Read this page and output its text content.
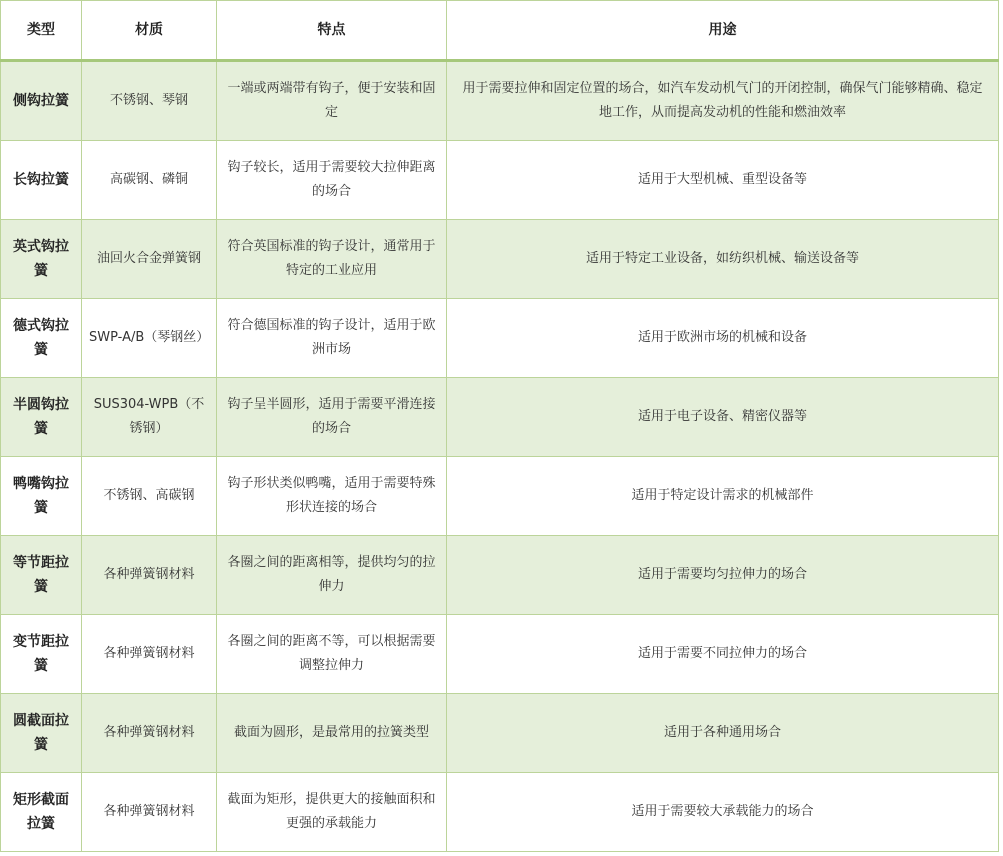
类型	材质	特点	用途
侧钩拉簧	不锈钢、琴钢	一端或两端带有钩子，便于安装和固定	用于需要拉伸和固定位置的场合，如汽车发动机气门的开闭控制，确保气门能够精确、稳定地工作，从而提高发动机的性能和燃油效率
长钩拉簧	高碳钢、磷铜	钩子较长，适用于需要较大拉伸距离的场合	适用于大型机械、重型设备等
英式钩拉簧	油回火合金弹簧钢	符合英国标准的钩子设计，通常用于特定的工业应用	适用于特定工业设备，如纺织机械、输送设备等
德式钩拉簧	SWP-A/B（琴钢丝）	符合德国标准的钩子设计，适用于欧洲市场	适用于欧洲市场的机械和设备
半圆钩拉簧	SUS304-WPB（不锈钢）	钩子呈半圆形，适用于需要平滑连接的场合	适用于电子设备、精密仪器等
鸭嘴钩拉簧	不锈钢、高碳钢	钩子形状类似鸭嘴，适用于需要特殊形状连接的场合	适用于特定设计需求的机械部件
等节距拉簧	各种弹簧钢材料	各圈之间的距离相等，提供均匀的拉伸力	适用于需要均匀拉伸力的场合
变节距拉簧	各种弹簧钢材料	各圈之间的距离不等，可以根据需要调整拉伸力	适用于需要不同拉伸力的场合
圆截面拉簧	各种弹簧钢材料	截面为圆形，是最常用的拉簧类型	适用于各种通用场合
矩形截面拉簧	各种弹簧钢材料	截面为矩形，提供更大的接触面积和更强的承载能力	适用于需要较大承载能力的场合
